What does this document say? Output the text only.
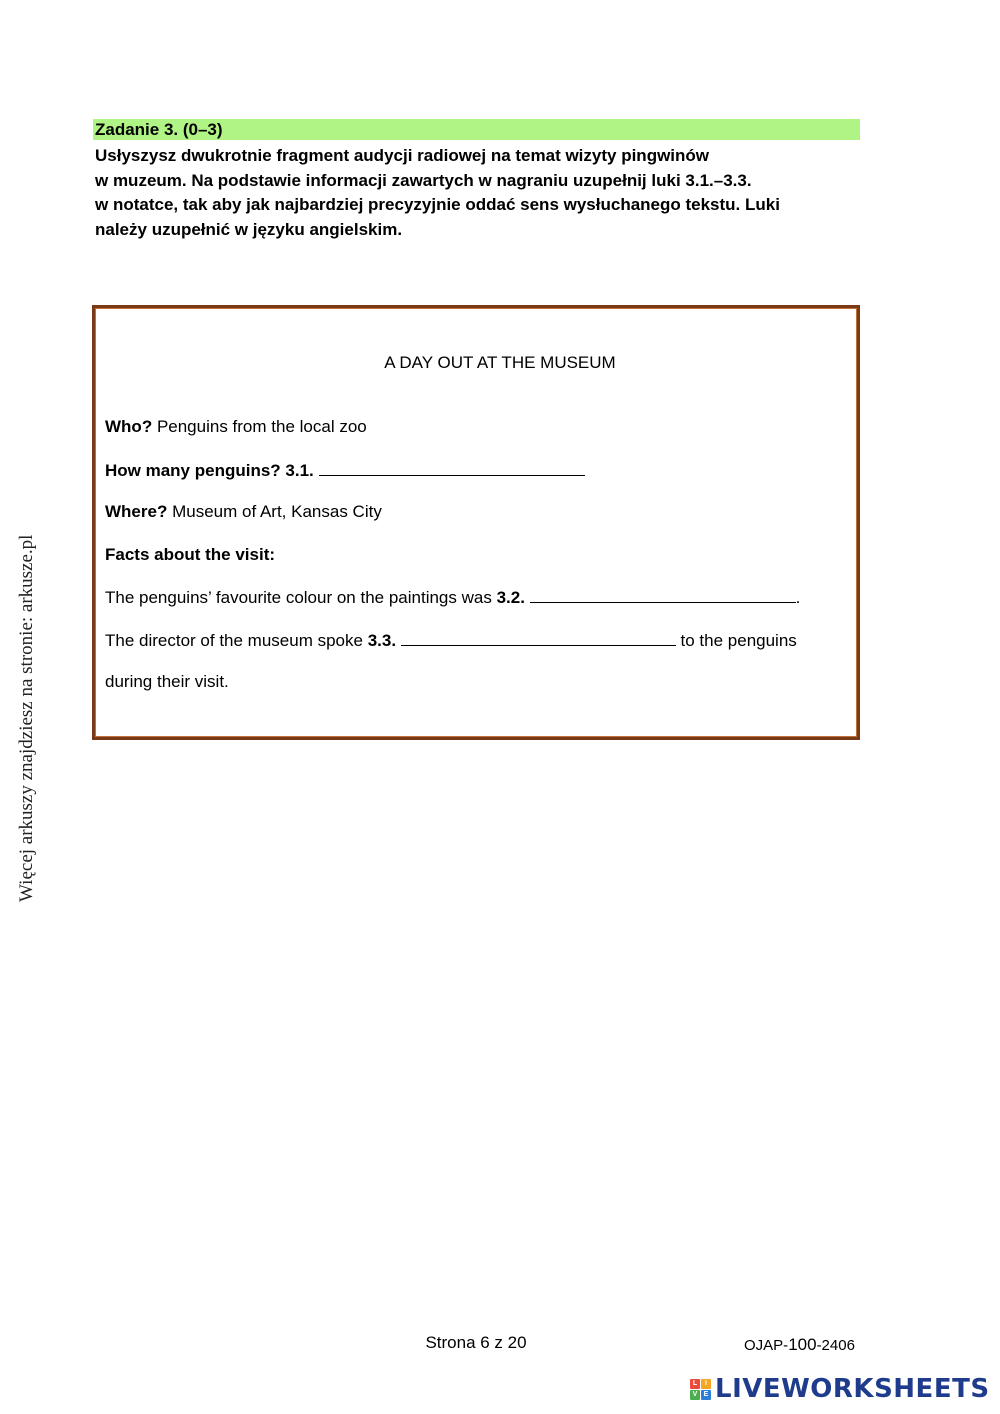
Zadanie 3. (0–3)
Usłyszysz dwukrotnie fragment audycji radiowej na temat wizyty pingwinów
w muzeum. Na podstawie informacji zawartych w nagraniu uzupełnij luki 3.1.–3.3.
w notatce, tak aby jak najbardziej precyzyjnie oddać sens wysłuchanego tekstu. Luki
należy uzupełnić w języku angielskim.
A DAY OUT AT THE MUSEUM
Who? Penguins from the local zoo
How many penguins? 3.1.
Where? Museum of Art, Kansas City
Facts about the visit:
The penguins’ favourite colour on the paintings was 3.2.	.
The director of the museum spoke 3.3.	to the penguins
during their visit.
Więcej arkuszy znajdziesz na stronie: arkusze.pl
Strona 6 z 20	OJAP-100-2406
L	I
V E LIVEWORKSHEETS
